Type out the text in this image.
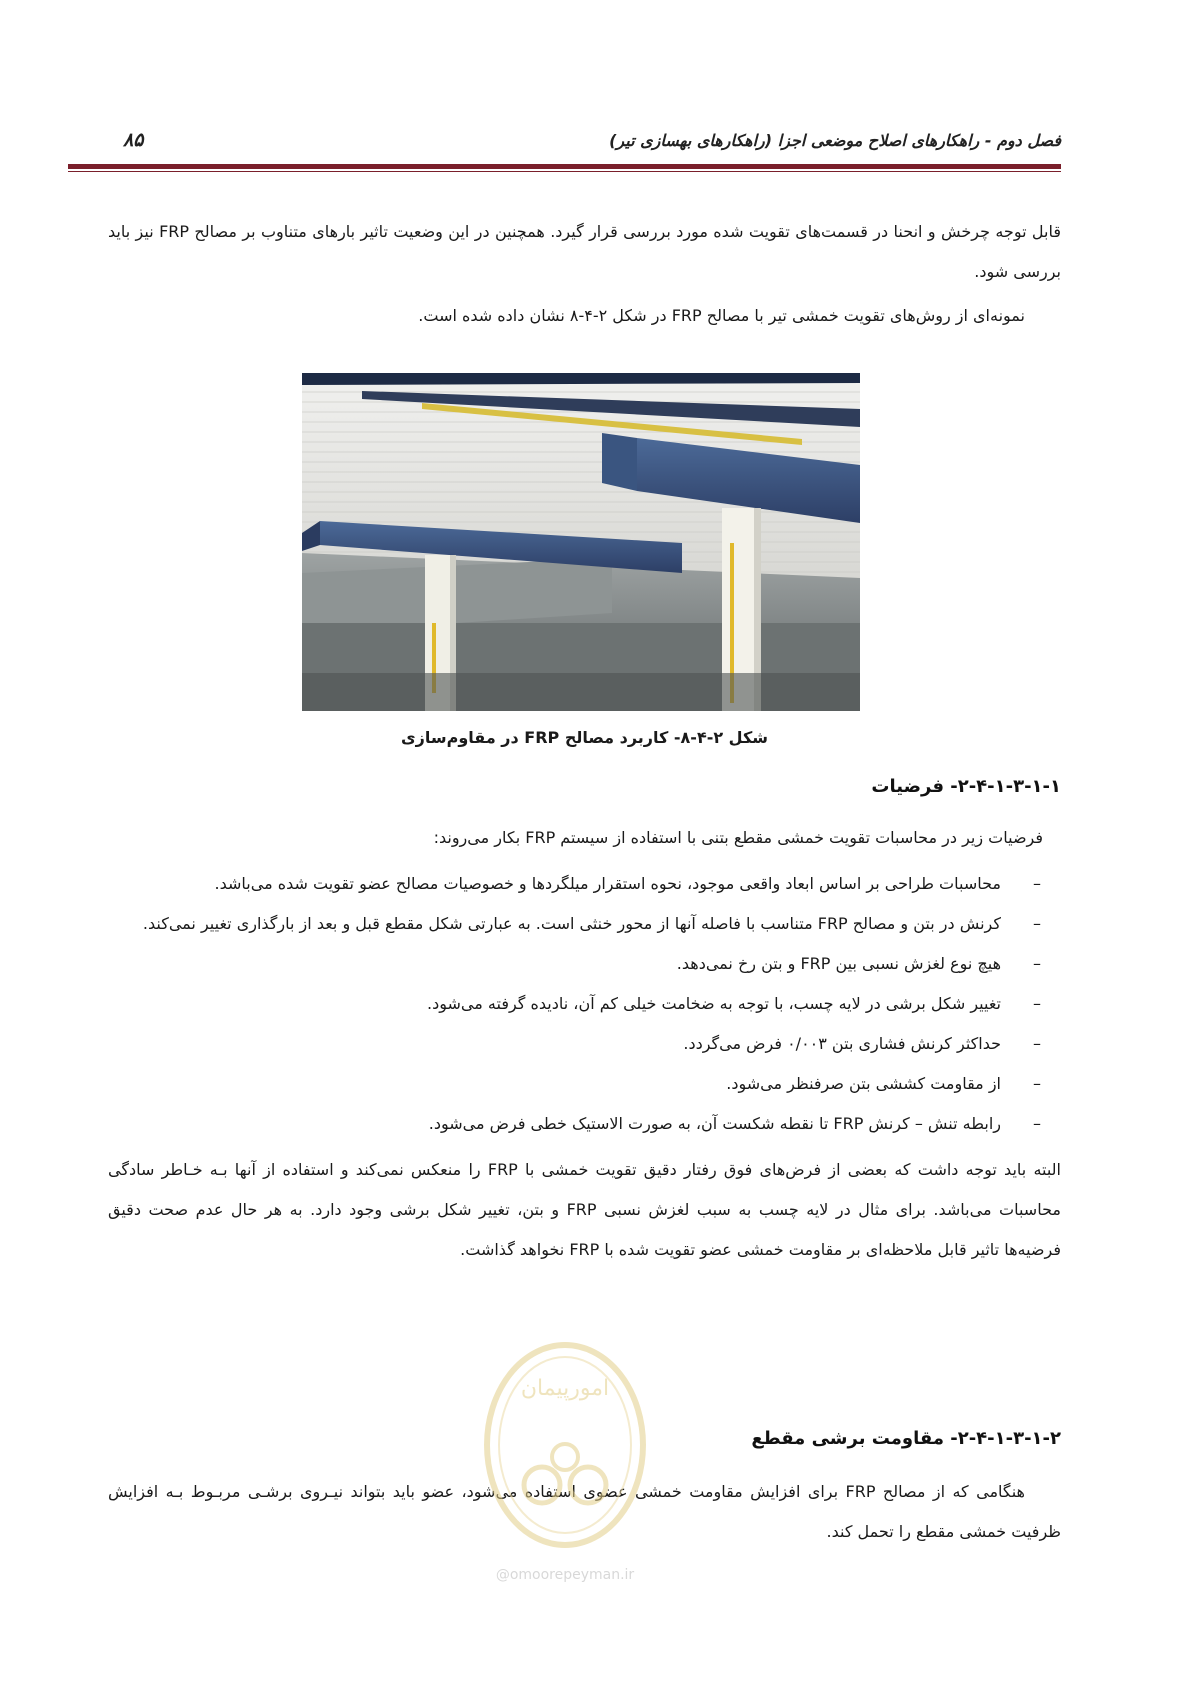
فصل دوم - راهکارهای اصلاح موضعی اجزا (راهکارهای بهسازی تیر)
۸۵

قابل توجه چرخش و انحنا در قسمت‌های تقویت شده مورد بررسی قرار گیرد. همچنین در این وضعیت تاثیر بارهای متناوب بر مصالح FRP نیز باید بررسی شود.

نمونه‌ای از روش‌های تقویت خمشی تیر با مصالح FRP در شکل ۲-۴-۸ نشان داده شده است.

شکل ۲-۴-۸- کاربرد مصالح FRP در مقاوم‌سازی
۲-۴-۱-۳-۱-۱- فرضیات

فرضیات زیر در محاسبات تقویت خمشی مقطع بتنی با استفاده از سیستم FRP بکار می‌روند:

–
محاسبات طراحی بر اساس ابعاد واقعی موجود، نحوه استقرار میلگردها و خصوصیات مصالح عضو تقویت شده می‌باشد.
–
کرنش در بتن و مصالح FRP متناسب با فاصله آنها از محور خنثی است. به عبارتی شکل مقطع قبل و بعد از بارگذاری تغییر نمی‌کند.
–
هیچ نوع لغزش نسبی بین FRP و بتن رخ نمی‌دهد.
–
تغییر شکل برشی در لایه چسب، با توجه به ضخامت خیلی کم آن، نادیده گرفته می‌شود.
–
حداکثر کرنش فشاری بتن ۰/۰۰۳ فرض می‌گردد.
–
از مقاومت کششی بتن صرفنظر می‌شود.
–
رابطه تنش – کرنش FRP تا نقطه شکست آن، به صورت الاستیک خطی فرض می‌شود.

البته باید توجه داشت که بعضی از فرض‌های فوق رفتار دقیق تقویت خمشی با FRP را منعکس نمی‌کند و استفاده از آنها بـه خـاطر سادگی محاسبات می‌باشد. برای مثال در لایه چسب به سبب لغزش نسبی FRP و بتن، تغییر شکل برشی وجود دارد. به هر حال عدم صحت دقیق فرضیه‌ها تاثیر قابل ملاحظه‌ای بر مقاومت خمشی عضو تقویت شده با FRP نخواهد گذاشت.

۲-۴-۱-۳-۱-۲- مقاومت برشی مقطع

هنگامی که از مصالح FRP برای افزایش مقاومت خمشی عضوی استفاده می‌شود، عضو باید بتواند نیـروی برشـی مربـوط بـه افزایش ظرفیت خمشی مقطع را تحمل کند.

امورپیمان
@omoorepeyman.ir
